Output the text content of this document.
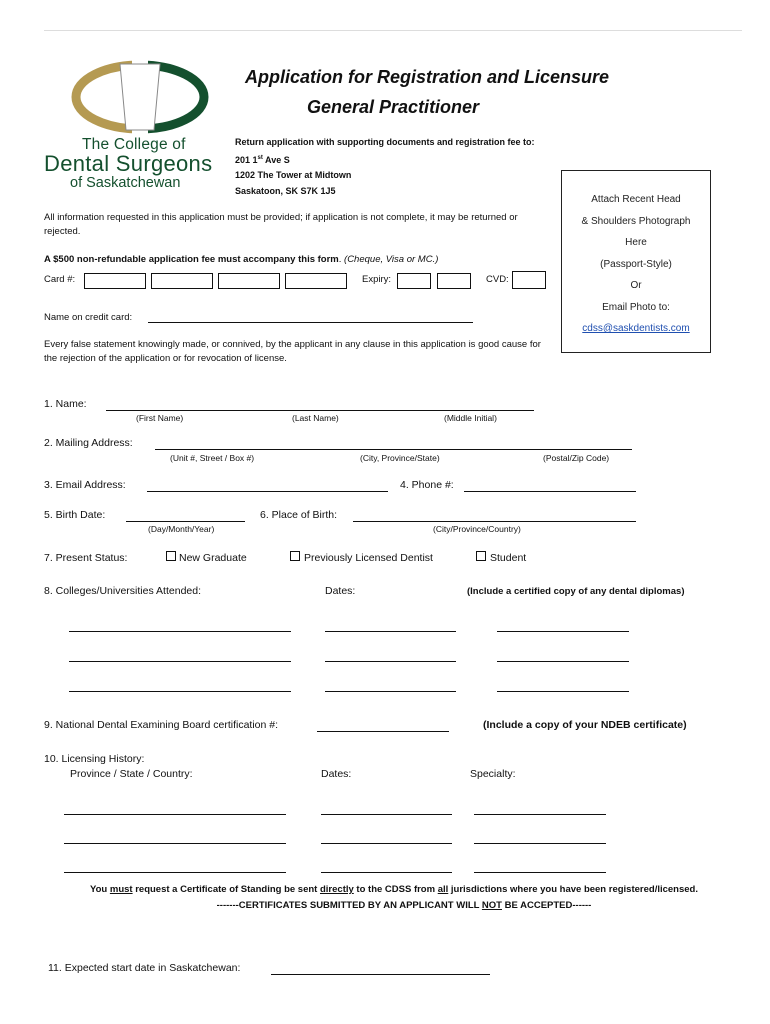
The College of
Dental Surgeons
of Saskatchewan
Application for Registration and Licensure
General Practitioner
Return application with supporting documents and registration fee to:
201 1st Ave S
1202 The Tower at Midtown
Saskatoon, SK S7K 1J5
Attach Recent Head
& Shoulders Photograph
Here
(Passport-Style)
Or
Email Photo to:
cdss@saskdentists.com
All information requested in this application must be provided; if application is not complete, it may be returned or rejected.
A $500 non-refundable application fee must accompany this form. (Cheque, Visa or MC.)
Card #:	Expiry:	CVD:
Name on credit card:
Every false statement knowingly made, or connived, by the applicant in any clause in this application is good cause for the rejection of the application or for revocation of license.
1. Name:
(First Name)	(Last Name)	(Middle Initial)
2. Mailing Address:
(Unit #, Street / Box #)	(City, Province/State)	(Postal/Zip Code)
3. Email Address:	4. Phone #:
5. Birth Date:
(Day/Month/Year)
6. Place of Birth:
(City/Province/Country)
7. Present Status:	New Graduate	Previously Licensed Dentist	Student
8. Colleges/Universities Attended:	Dates:	(Include a certified copy of any dental diplomas)
9. National Dental Examining Board certification #:	(Include a copy of your NDEB certificate)
10. Licensing History:
Province / State / Country:	Dates:	Specialty:
You must request a Certificate of Standing be sent directly to the CDSS from all jurisdictions where you have been registered/licensed.
-------CERTIFICATES SUBMITTED BY AN APPLICANT WILL NOT BE ACCEPTED------
11. Expected start date in Saskatchewan:
